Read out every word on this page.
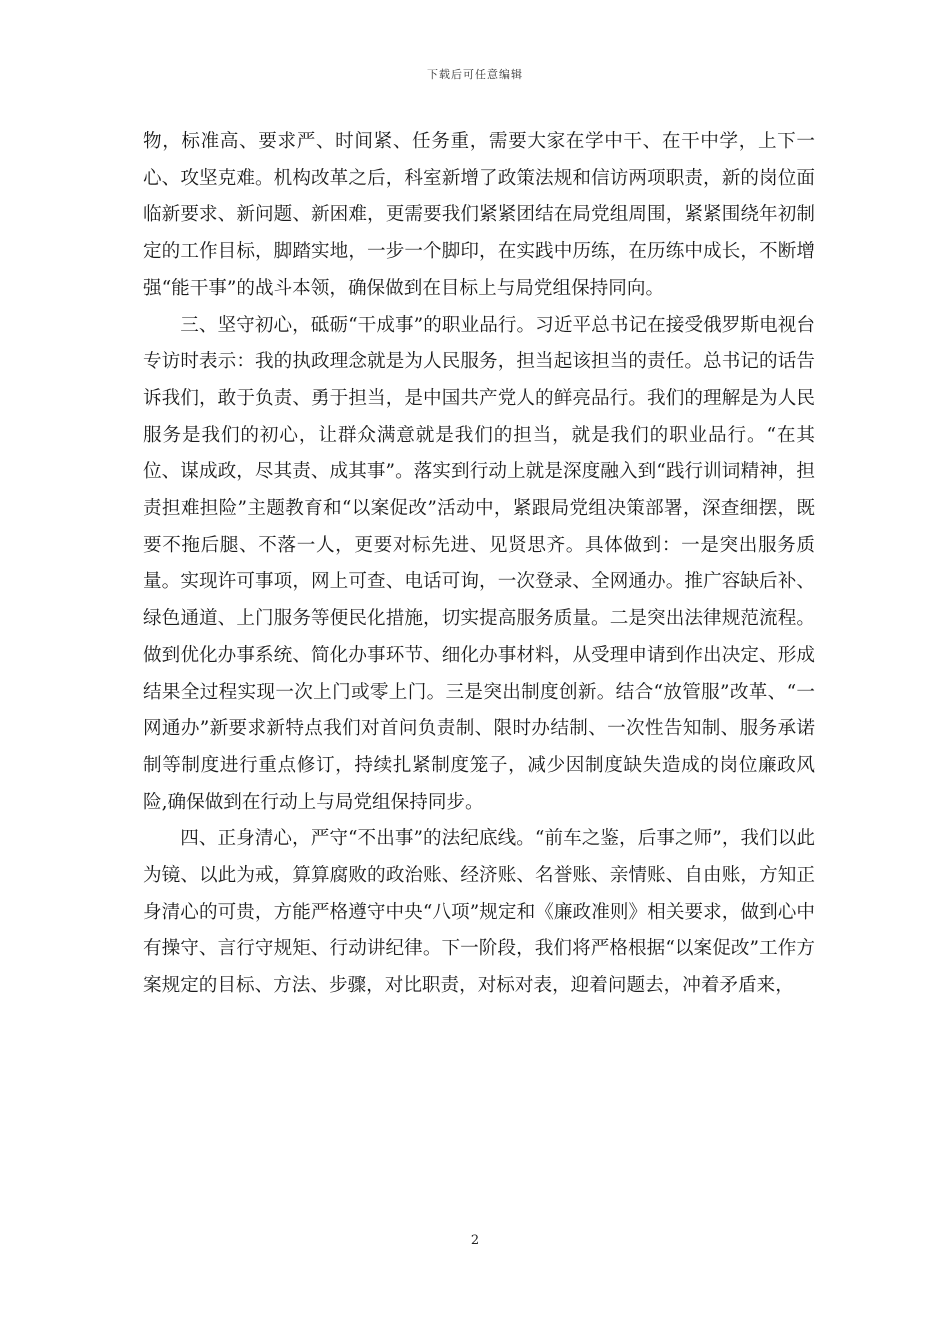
下载后可任意编辑

物，标准高、要求严、时间紧、任务重，需要大家在学中干、在干中学，上下一心、攻坚克难。机构改革之后，科室新增了政策法规和信访两项职责，新的岗位面临新要求、新问题、新困难，更需要我们紧紧团结在局党组周围，紧紧围绕年初制定的工作目标，脚踏实地，一步一个脚印，在实践中历练，在历练中成长，不断增强“能干事”的战斗本领，确保做到在目标上与局党组保持同向。

三、坚守初心，砥砺“干成事”的职业品行。习近平总书记在接受俄罗斯电视台专访时表示：我的执政理念就是为人民服务，担当起该担当的责任。总书记的话告诉我们，敢于负责、勇于担当，是中国共产党人的鲜亮品行。我们的理解是为人民服务是我们的初心，让群众满意就是我们的担当，就是我们的职业品行。“在其位、谋成政，尽其责、成其事”。落实到行动上就是深度融入到“践行训词精神，担责担难担险”主题教育和“以案促改”活动中，紧跟局党组决策部署，深查细摆，既要不拖后腿、不落一人，更要对标先进、见贤思齐。具体做到：一是突出服务质量。实现许可事项，网上可查、电话可询，一次登录、全网通办。推广容缺后补、绿色通道、上门服务等便民化措施，切实提高服务质量。二是突出法律规范流程。做到优化办事系统、简化办事环节、细化办事材料，从受理申请到作出决定、形成结果全过程实现一次上门或零上门。三是突出制度创新。结合“放管服”改革、“一网通办”新要求新特点我们对首问负责制、限时办结制、一次性告知制、服务承诺制等制度进行重点修订，持续扎紧制度笼子，减少因制度缺失造成的岗位廉政风险,确保做到在行动上与局党组保持同步。

四、正身清心，严守“不出事”的法纪底线。“前车之鉴，后事之师”，我们以此为镜、以此为戒，算算腐败的政治账、经济账、名誉账、亲情账、自由账，方知正身清心的可贵，方能严格遵守中央“八项”规定和《廉政准则》相关要求，做到心中有操守、言行守规矩、行动讲纪律。下一阶段，我们将严格根据“以案促改”工作方案规定的目标、方法、步骤，对比职责，对标对表，迎着问题去，冲着矛盾来，

2
